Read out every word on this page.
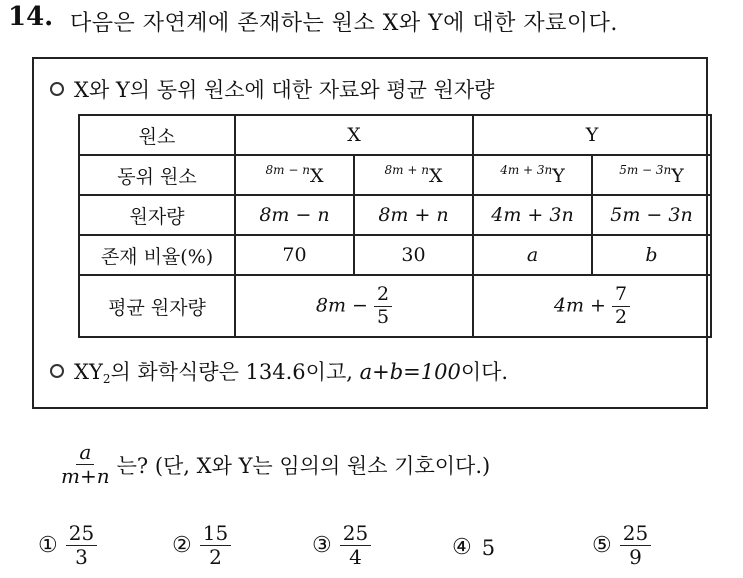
14. 다음은 자연계에 존재하는 원소 X와 Y에 대한 자료이다.
X와 Y의 동위 원소에 대한 자료와 평균 원자량
원소	X		Y	
동위 원소	$^{8m - n}$X	$^{8m + n}$X	$^{4m + 3n}$Y	$^{5m - 3n}$Y
원자량	8m − n	8m + n	4m + 3n	5m − 3n
존재 비율(%)	70	30	a	b
평균 원자량	$8m - \frac{2}{5}$		$4m + \frac{7}{2}$
$XY_2$의 화학식량은 134.6이고, a+b=100이다.
$\frac{a}{m+n}$ 는? (단, X와 Y는 임의의 원소 기호이다.)
① $\frac{25}{3}$	② $\frac{15}{2}$	③ $\frac{25}{4}$	④ 5	⑤ $\frac{25}{9}$
